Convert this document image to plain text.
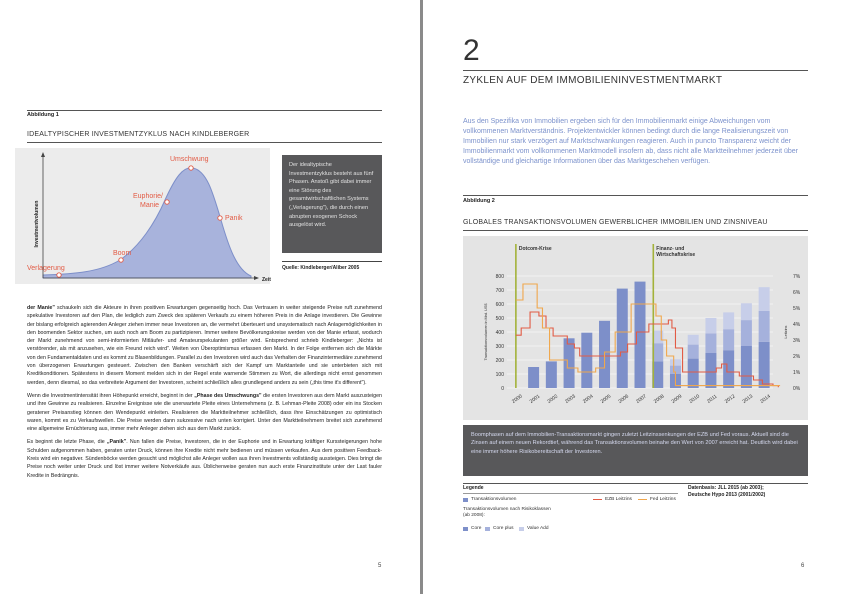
Abbildung 1
IDEALTYPISCHER INVESTMENTZYKLUS NACH KINDLEBERGER
Investmentvolumen
Zeit
Verlagerung
Boom
Euphorie/ Manie
Umschwung
Panik
Der idealtypische Investmentzyklus besteht aus fünf Phasen. Anstoß gibt dabei immer eine Störung des gesamtwirtschaftlichen Systems („Verlagerung"), die durch einen abrupten exogenen Schock ausgelöst wird.
Quelle: Kindleberger/Aliber 2005

der Manie" schaukeln sich die Akteure in ihren positiven Erwartungen gegenseitig hoch. Das Vertrauen in weiter steigende Preise ruft zunehmend spekulative Investoren auf den Plan, die lediglich zum Zweck des späteren Verkaufs zu einem höheren Preis in die Anlage investieren. Die Gewinne der bislang erfolgreich agierenden Anleger ziehen immer neue Investoren an, die vermehrt überteuert und unsystematisch nach Anlagemöglichkeiten in den boomenden Sektor suchen, um auch noch am Boom zu partizipieren. Immer weitere Bevölkerungskreise werden von der Manie erfasst, wodurch der Markt zunehmend von semi-informierten Mitläufer- und Amateurspekulanten größer wird. Entsprechend schrieb Kindleberger: „Nichts ist verstörender, als mit anzusehen, wie ein Freund reich wird". Weiten von Überoptimismus erfassen den Markt. In der Folge entfernen sich die Märkte von den Fundamentaldaten und es kommt zu Blasenbildungen. Parallel zu den Investoren wird auch das Verhalten der Finanzintermediäre zunehmend von überzogenen Erwartungen gesteuert. Zwischen den Banken verschärft sich der Kampf um Marktanteile und sie unterbieten sich mit Kreditkonditionen. Spätestens in diesem Moment melden sich in der Regel erste warnende Stimmen zu Wort, die allerdings nicht ernst genommen werden, denn diesmal, so das verbreitete Argument der Investoren, scheint schließlich alles grundlegend anders zu sein („this time it's different").

Wenn die Investmentintensität ihren Höhepunkt erreicht, beginnt in der „Phase des Umschwungs" die ersten Investoren aus dem Markt auszusteigen und ihre Gewinne zu realisieren. Einzelne Ereignisse wie die unerwartete Pleite eines Unternehmens (z. B. Lehman-Pleite 2008) oder ein ins Stocken geratener Preisanstieg können den Wendepunkt einleiten. Realisieren die Marktteilnehmer schließlich, dass ihre Einschätzungen zu optimistisch waren, kommt es zu Verkaufswellen. Die Preise werden dann sukzessive nach unten korrigiert. Unter den Marktteilnehmern breitet sich zunehmend eine allgemeine Ernüchterung aus, immer mehr Anleger ziehen sich aus dem Markt zurück.

Es beginnt die letzte Phase, die „Panik". Nun fallen die Preise, Investoren, die in der Euphorie und in Erwartung kräftiger Kurssteigerungen hohe Schulden aufgenommen haben, geraten unter Druck, können ihre Kredite nicht mehr bedienen und müssen verkaufen. Aus dem positiven Feedback-Kreis wird ein negativer. Sündenböcke werden gesucht und möglichst alle Anleger wollen aus ihren Investments vollständig aussteigen. Dies bringt die Preise noch weiter unter Druck und löst immer weitere Notverkäufe aus. Üblicherweise geraten nun auch erste Finanzinstitute unter der Last fauler Kredite in Bedrängnis.

5
2
ZYKLEN AUF DEM IMMOBILIENINVESTMENTMARKT
Aus den Spezifika von Immobilien ergeben sich für den Immobilienmarkt einige Abweichungen vom vollkommenen Marktverständnis. Projektentwickler können bedingt durch die lange Realisierungszeit von Immobilien nur stark verzögert auf Marktschwankungen reagieren. Auch in puncto Transparenz weicht der Immobilienmarkt vom vollkommenen Marktmodell insofern ab, dass nicht alle Marktteilnehmer jederzeit über vollständige und gleichartige Informationen über das Marktgeschehen verfügen.
Abbildung 2
GLOBALES TRANSAKTIONSVOLUMEN GEWERBLICHER IMMOBILIEN UND ZINSNIVEAU
0
100
200
300
400
500
600
700
800
0%
1%
2%
3%
4%
5%
6%
7%
Transaktionsvolumen in Mrd. US$	Leitzins
Dotcom-Krise	Finanz- und Wirtschaftskrise
2000 2001 2002 2003 2004 2005 2006 2007 2008 2009 2010 2011 2012 2013 2014
Boomphasen auf dem Immobilien-Transaktionsmarkt gingen zuletzt Leitzinssenkungen der EZB und Fed voraus. Aktuell sind die Zinsen auf einem neuen Rekordtief, während das Transaktionsvolumen beinahe den Wert von 2007 erreicht hat. Deutlich wird dabei eine immer höhere Risikobereitschaft der Investoren.
Legende	Datenbasis: JLL 2015 (ab 2003);
Deutsche Hypo 2013 (2001/2002)
Transaktionsvolumen	EZB Leitzins	Fed Leitzins
Transaktionsvolumen nach Risikoklassen (ab 2008):
Core Core plus	Value Add
6
